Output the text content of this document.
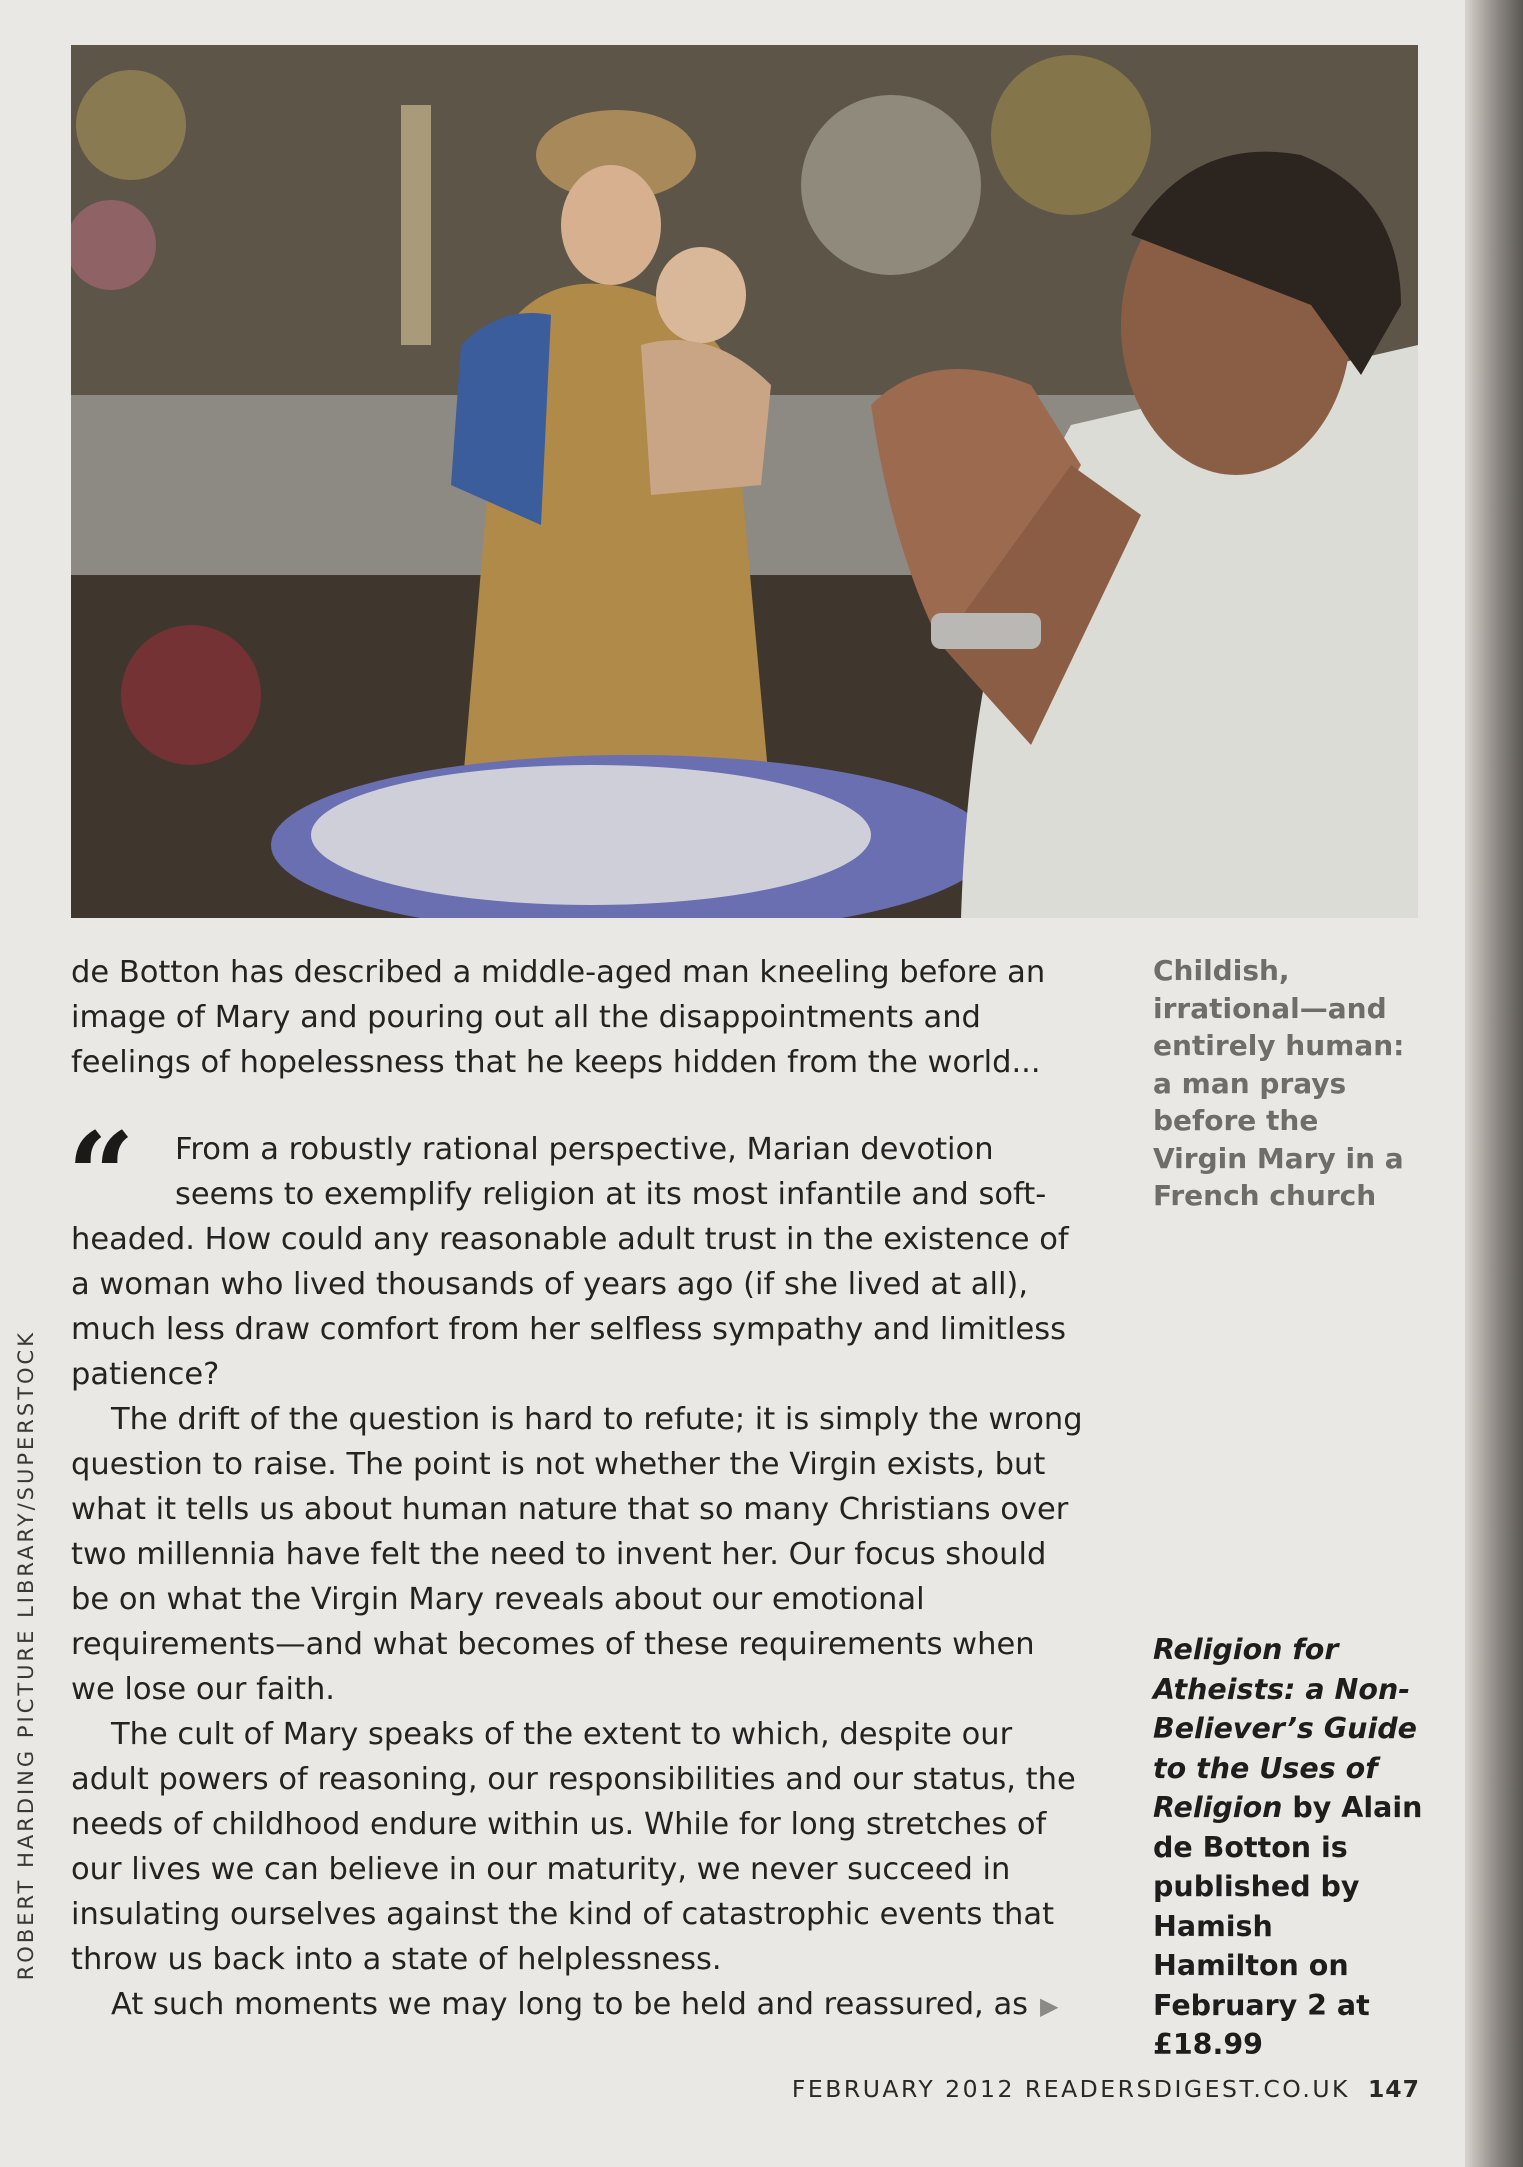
ROBERT HARDING PICTURE LIBRARY/SUPERSTOCK

de Botton has described a middle-aged man kneeling before an image of Mary and pouring out all the disappointments and feelings of hopelessness that he keeps hidden from the world...

“	From a robustly rational perspective, Marian devotion seems to exemplify religion at its most infantile and soft-headed. How could any reasonable adult trust in the existence of a woman who lived thousands of years ago (if she lived at all), much less draw comfort from her selfless sympathy and limitless patience?

The drift of the question is hard to refute; it is simply the wrong question to raise. The point is not whether the Virgin exists, but what it tells us about human nature that so many Christians over two millennia have felt the need to invent her. Our focus should be on what the Virgin Mary reveals about our emotional requirements—and what becomes of these requirements when we lose our faith.

The cult of Mary speaks of the extent to which, despite our adult powers of reasoning, our responsibilities and our status, the needs of childhood endure within us. While for long stretches of our lives we can believe in our maturity, we never succeed in insulating ourselves against the kind of catastrophic events that throw us back into a state of helplessness.

At such moments we may long to be held and reassured, as ▶

Childish, irrational—and entirely human: a man prays before the Virgin Mary in a French church
Religion for Atheists: a Non-Believer’s Guide to the Uses of Religion by Alain de Botton is published by Hamish Hamilton on February 2 at £18.99
FEBRUARY 2012 READERSDIGEST.CO.UK 147
